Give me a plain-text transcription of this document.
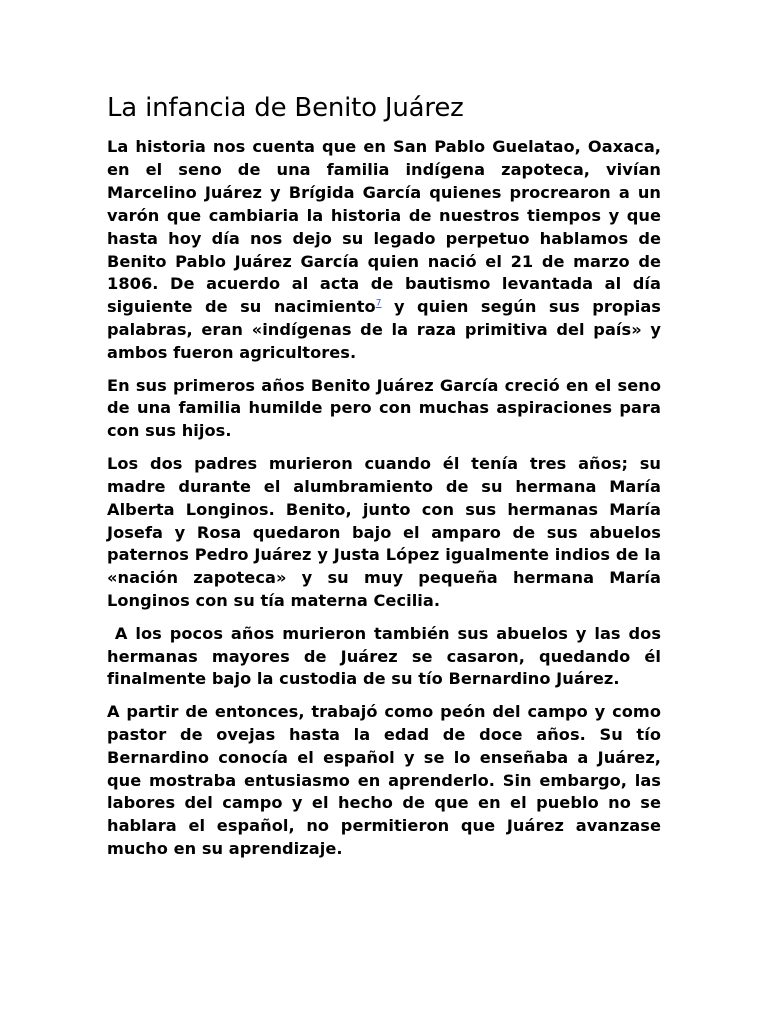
La infancia de Benito Juárez

La historia nos cuenta que en San Pablo Guelatao, Oaxaca, en el seno de una familia indígena zapoteca, vivían Marcelino Juárez y Brígida García quienes procrearon a un varón que cambiaria la historia de nuestros tiempos y que hasta hoy día nos dejo su legado perpetuo hablamos de Benito Pablo Juárez García quien nació el 21 de marzo de 1806. De acuerdo al acta de bautismo levantada al día siguiente de su nacimiento$^7$ y quien según sus propias palabras, eran «indígenas de la raza primitiva del país» y ambos fueron agricultores.

En sus primeros años Benito Juárez García creció en el seno de una familia humilde pero con muchas aspiraciones para con sus hijos.

Los dos padres murieron cuando él tenía tres años; su madre durante el alumbramiento de su hermana María Alberta Longinos. Benito, junto con sus hermanas María Josefa y Rosa quedaron bajo el amparo de sus abuelos paternos Pedro Juárez y Justa López igualmente indios de la «nación zapoteca» y su muy pequeña hermana María Longinos con su tía materna Cecilia.

A los pocos años murieron también sus abuelos y las dos hermanas mayores de Juárez se casaron, quedando él finalmente bajo la custodia de su tío Bernardino Juárez.

A partir de entonces, trabajó como peón del campo y como pastor de ovejas hasta la edad de doce años. Su tío Bernardino conocía el español y se lo enseñaba a Juárez, que mostraba entusiasmo en aprenderlo. Sin embargo, las labores del campo y el hecho de que en el pueblo no se hablara el español, no permitieron que Juárez avanzase mucho en su aprendizaje.
